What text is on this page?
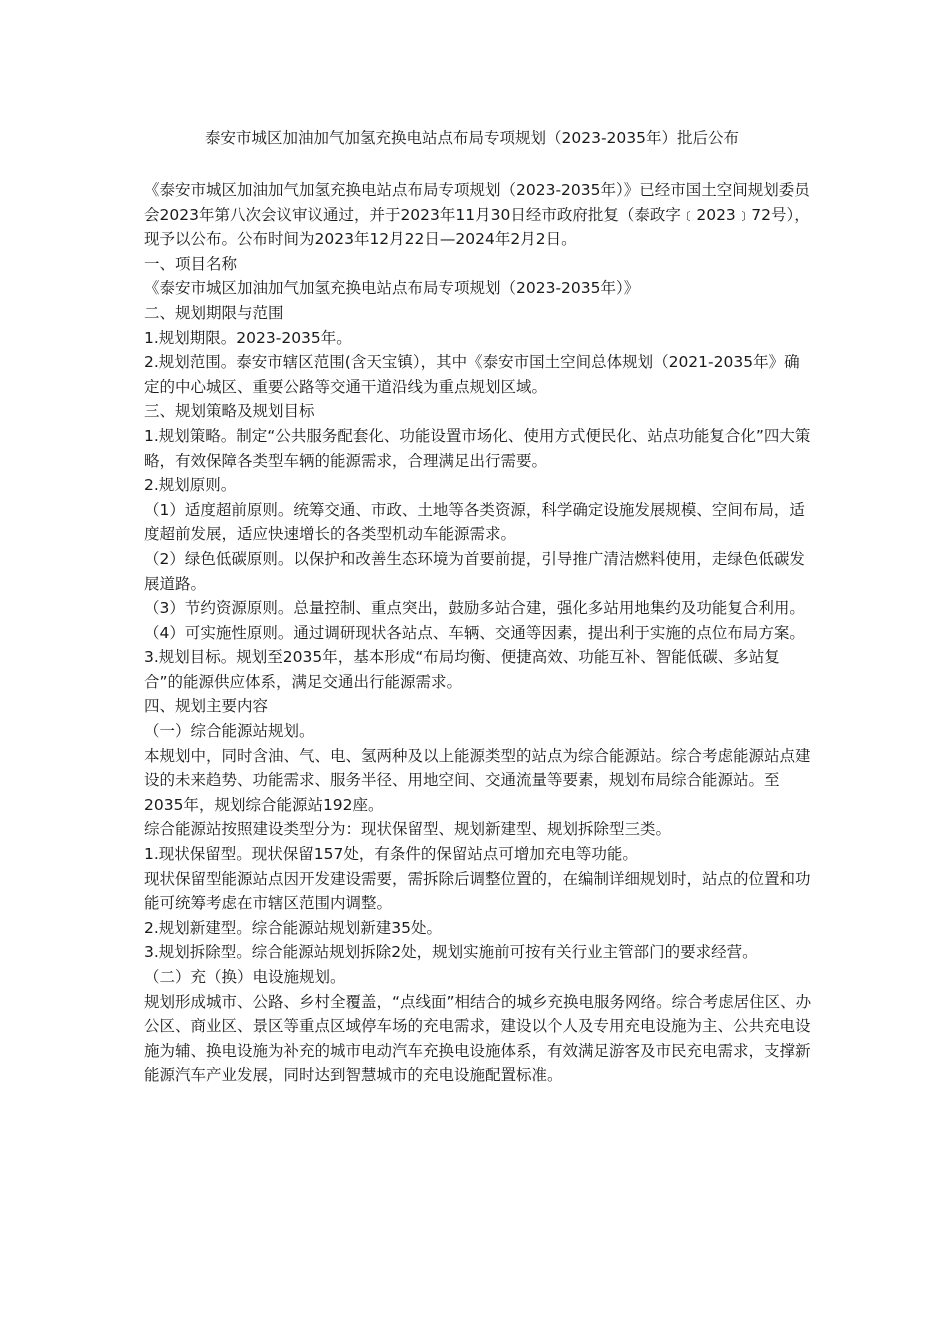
泰安市城区加油加气加氢充换电站点布局专项规划（2023-2035年）批后公布

《泰安市城区加油加气加氢充换电站点布局专项规划（2023-2035年）》已经市国土空间规划委员会2023年第八次会议审议通过，并于2023年11月30日经市政府批复（泰政字﹝2023﹞72号），现予以公布。公布时间为2023年12月22日—2024年2月2日。

一、项目名称

《泰安市城区加油加气加氢充换电站点布局专项规划（2023-2035年）》

二、规划期限与范围

1.规划期限。2023-2035年。

2.规划范围。泰安市辖区范围(含天宝镇），其中《泰安市国土空间总体规划（2021-2035年》确定的中心城区、重要公路等交通干道沿线为重点规划区域。

三、规划策略及规划目标

1.规划策略。制定“公共服务配套化、功能设置市场化、使用方式便民化、站点功能复合化”四大策略，有效保障各类型车辆的能源需求，合理满足出行需要。

2.规划原则。

（1）适度超前原则。统筹交通、市政、土地等各类资源，科学确定设施发展规模、空间布局，适度超前发展，适应快速增长的各类型机动车能源需求。

（2）绿色低碳原则。以保护和改善生态环境为首要前提，引导推广清洁燃料使用，走绿色低碳发展道路。

（3）节约资源原则。总量控制、重点突出，鼓励多站合建，强化多站用地集约及功能复合利用。

（4）可实施性原则。通过调研现状各站点、车辆、交通等因素，提出利于实施的点位布局方案。

3.规划目标。规划至2035年，基本形成“布局均衡、便捷高效、功能互补、智能低碳、多站复合”的能源供应体系，满足交通出行能源需求。

四、规划主要内容

（一）综合能源站规划。

本规划中，同时含油、气、电、氢两种及以上能源类型的站点为综合能源站。综合考虑能源站点建设的未来趋势、功能需求、服务半径、用地空间、交通流量等要素，规划布局综合能源站。至2035年，规划综合能源站192座。

综合能源站按照建设类型分为：现状保留型、规划新建型、规划拆除型三类。

1.现状保留型。现状保留157处，有条件的保留站点可增加充电等功能。

现状保留型能源站点因开发建设需要，需拆除后调整位置的，在编制详细规划时，站点的位置和功能可统筹考虑在市辖区范围内调整。

2.规划新建型。综合能源站规划新建35处。

3.规划拆除型。综合能源站规划拆除2处，规划实施前可按有关行业主管部门的要求经营。

（二）充（换）电设施规划。

规划形成城市、公路、乡村全覆盖，“点线面”相结合的城乡充换电服务网络。综合考虑居住区、办公区、商业区、景区等重点区域停车场的充电需求，建设以个人及专用充电设施为主、公共充电设施为辅、换电设施为补充的城市电动汽车充换电设施体系，有效满足游客及市民充电需求，支撑新能源汽车产业发展，同时达到智慧城市的充电设施配置标准。
